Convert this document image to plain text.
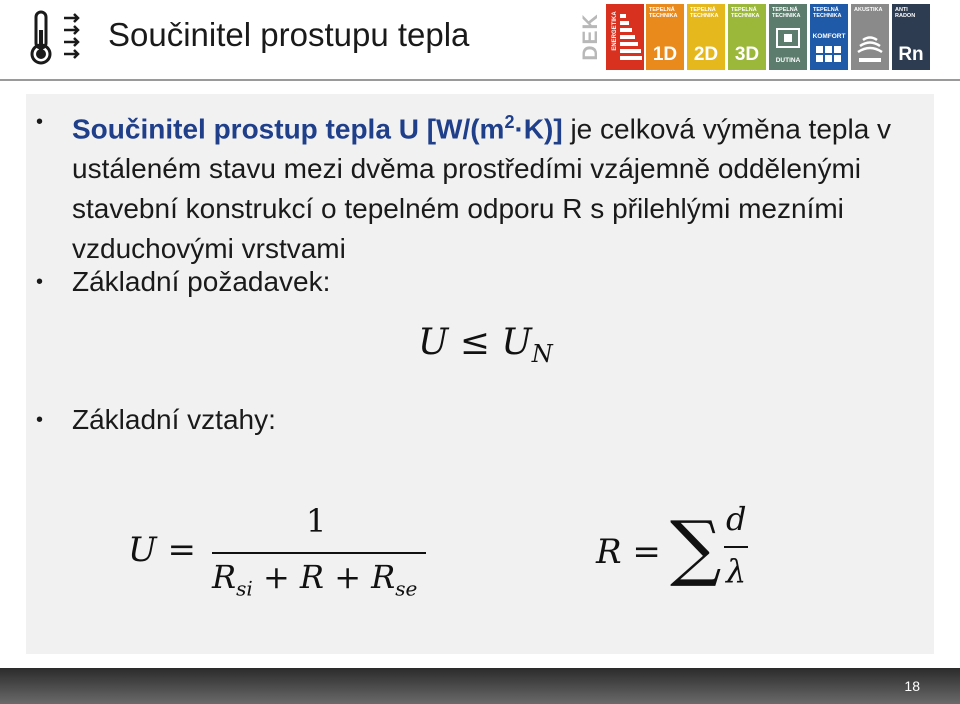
Součinitel prostupu tepla	DEK ENERGETIKA
TEPELNÁ TECHNIKA
1D
TEPELNÁ TECHNIKA
2D
TEPELNÁ TECHNIKA
3D
TEPELNÁ TECHNIKA
DUTINA
TEPELNÁ TECHNIKA
KOMFORT
AKUSTIKA	ANTI RADON
Rn
• Součinitel prostup tepla U $[W/(m^2\cdot K)]$ je celková výměna tepla v ustáleném stavu mezi dvěma prostředími vzájemně oddělenými stavební konstrukcí o tepelném odporu R s přilehlými mezními vzduchovými vrstvami
• Základní požadavek:
$U \le U_N$
• Základní vztahy:
U =
1
$R_{si} + R + R_{se}$
R = ∑ d
λ
18
